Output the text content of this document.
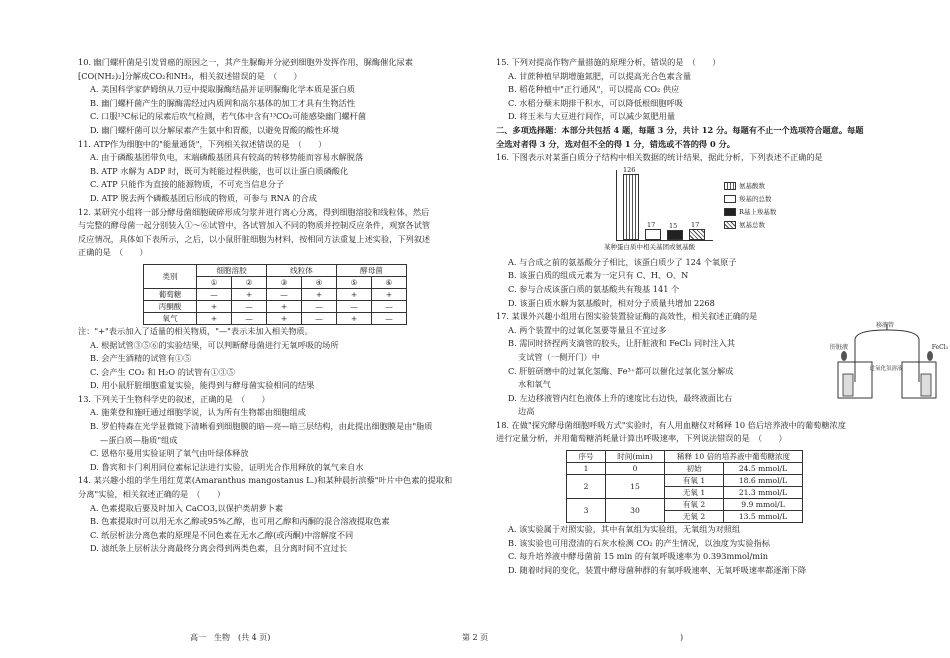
10. 幽门螺杆菌是引发胃癌的原因之一，其产生脲酶并分泌到细胞外发挥作用，脲酶催化尿素

[CO(NH₂)₂]分解成CO₂和NH₃，相关叙述错误的是　（　　）

A. 美国科学家萨姆纳从刀豆中提取脲酶结晶并证明脲酶化学本质是蛋白质

B. 幽门螺杆菌产生的脲酶需经过内质网和高尔基体的加工才具有生物活性

C. 口服¹³C标记的尿素后吹气检测，若气体中含有¹³CO₂可能感染幽门螺杆菌

D. 幽门螺杆菌可以分解尿素产生氨中和胃酸，以避免胃酸的酸性环境

11. ATP作为细胞中的"能量通货"，下列相关叙述错误的是　（　　）

A. 由于磷酸基团带负电，末端磷酸基团具有较高的转移势能而容易水解脱落

B. ATP 水解为 ADP 时，既可为耗能过程供能，也可以让蛋白质磷酸化

C. ATP 只能作为直接的能源物质，不可充当信息分子

D. ATP 脱去两个磷酸基团后形成的物质，可参与 RNA 的合成

12. 某研究小组将一部分酵母菌细胞破碎形成匀浆并进行离心分离，得到细胞溶胶和线粒体，然后

与完整的酵母菌一起分别装入①～⑥试管中，各试管加入不同的物质并控制反应条件，观察各试管

反应情况，具体如下表所示，之后，以小鼠肝脏细胞为材料，按相同方法重复上述实验，下列叙述

正确的是　（　　）

类别	细胞溶胶		线粒体		酵母菌	
	①	②	③	④	⑤	⑥
葡萄糖	—	+	—	+	+	+
丙酮酸	+	—	+	—	—	—
氧气	+	—	+	—	+	—

注："+"表示加入了适量的相关物质，"—"表示未加入相关物质。

A. 根据试管③⑤⑥的实验结果，可以判断酵母菌进行无氧呼吸的场所

B. 会产生酒精的试管有①⑤

C. 会产生 CO₂ 和 H₂O 的试管有①③⑤

D. 用小鼠肝脏细胞重复实验，能得到与酵母菌实验相同的结果

13. 下列关于生物科学史的叙述，正确的是　（　　）

A. 施莱登和施旺通过细胞学说，认为所有生物都由细胞组成

B. 罗伯特森在光学显微镜下清晰看到细胞膜的暗—亮—暗三层结构，由此提出细胞膜是由"脂质

—蛋白质—脂质"组成

C. 恩格尔曼用实验证明了氧气由叶绿体释放

D. 鲁宾和卡门利用同位素标记法进行实验，证明光合作用释放的氧气来自水

14. 某兴趣小组的学生用红苋菜(Amaranthus mangostanus L.)和某种晨折滨藜"叶片中色素的提取和

分离"实验，相关叙述正确的是　（　　）

A. 色素提取后要及时加入 CaCO3,以保护类胡萝卜素

B. 色素提取时可以用无水乙醇或95%乙醇，也可用乙醇和丙酮的混合溶液提取色素

C. 纸层析法分离色素的原理是不同色素在无水乙醇(或丙酮)中溶解度不同

D. 滤纸条上层析法分离最终分离会得到两类色素，且分离时间不宜过长

15. 下列对提高作物产量措施的原理分析，错误的是　（　　）

A. 甘蔗种植早期增施氮肥，可以提高光合色素含量

B. 稻花种植中"正行通风"，可以提高 CO₂ 供应

C. 水稻分蘖末期排干积水，可以降低根细胞呼吸

D. 将玉米与大豆进行间作，可以减少氮肥用量

二、多项选择题：本部分共包括 4 题，每题 3 分，共计 12 分。每题有不止一个选项符合题意。每题

全选对者得 3 分，选对但不全的得 1 分，错选或不答的得 0 分。

16. 下图表示对某蛋白质分子结构中相关数据的统计结果，据此分析，下列表述不正确的是

126
17 15 17
氨基酸数
羧基的总数
R基上羧基数
氨基总数
某种蛋白质中相关基团或氨基酸

A. 与合成之前的氨基酸分子相比，该蛋白质少了 124 个氧原子

B. 该蛋白质的组成元素为一定只有 C、H、O、N

C. 参与合成该蛋白质的氨基酸共有羧基 141 个

D. 该蛋白质水解为氨基酸时，相对分子质量共增加 2268

17. 某课外兴趣小组用右图实验装置验证酶的高效性，相关叙述正确的是

A. 两个装置中的过氧化氢要等量且不宜过多

B. 需同时挤捏两支滴管的胶头，让肝脏液和 FeCl₃ 同时注入其

支试管（一侧开门）中

C. 肝脏研磨中的过氧化氢酶、Fe³⁺都可以催化过氧化氢分解成

水和氧气

D. 左边移液管内红色液体上升的速度比右边快，最终液面比右

边高

18. 在做"探究酵母菌细胞呼吸方式"实验时，有人用血糖仪对稀释 10 倍后培养液中的葡萄糖浓度

进行定量分析，并用葡萄糖消耗量计算出呼吸速率，下列说法错误的是　（　　）

序号	时间(min)	稀释 10 倍的培养液中葡萄糖浓度	
1	0	初始	24.5 mmol/L
2	15	有氧 1	18.6 mmol/L
		无氧 1	21.3 mmol/L
3	30	有氧 2	9.9 mmol/L
		无氧 2	13.5 mmol/L

A. 该实验属于对照实验，其中有氧组为实验组，无氧组为对照组

B. 该实验也可用澄清的石灰水检测 CO₂ 的产生情况，以浊度为实验指标

C. 每升培养液中酵母菌前 15 min 的有氧呼吸速率为 0.393mmol/min

D. 随着时间的变化，装置中酵母菌种群的有氧呼吸速率、无氧呼吸速率都逐渐下降

肝脏液	FeCl₃
移液管
过氧化氢溶液
高一　生物　(共 4 页)	第 2 页	)
